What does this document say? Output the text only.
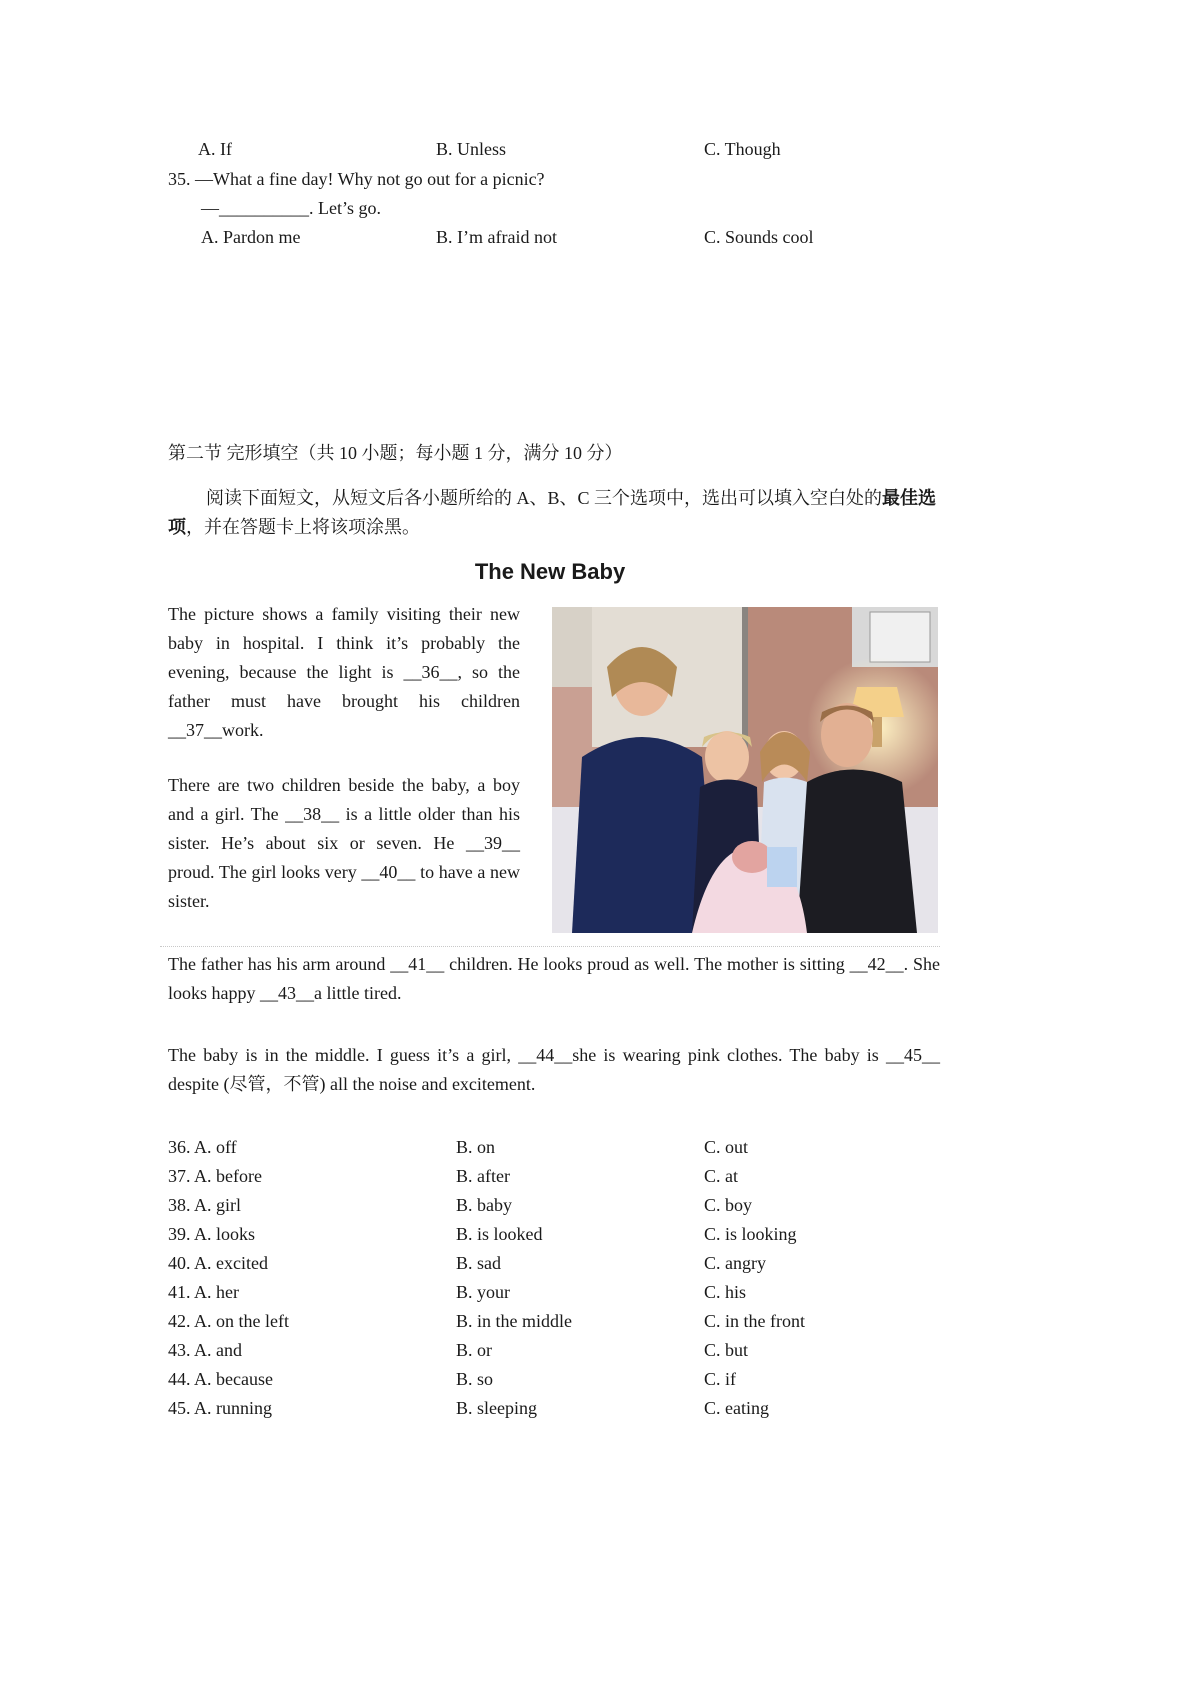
A. If	B. Unless	C. Though
35. —What a fine day! Why not go out for a picnic?
—__________. Let’s go.
A. Pardon me	B. I’m afraid not	C. Sounds cool
第二节 完形填空（共 10 小题；每小题 1 分，满分 10 分）
阅读下面短文，从短文后各小题所给的 A、B、C 三个选项中，选出可以填入空白处的最佳选项，并在答题卡上将该项涂黑。
The New Baby
The picture shows a family visiting their new baby in hospital. I think it’s probably the evening, because the light is __36__, so the father must have brought his children __37__work.
There are two children beside the baby, a boy and a girl. The __38__ is a little older than his sister. He’s about six or seven. He __39__ proud. The girl looks very __40__ to have a new sister.
The father has his arm around __41__ children. He looks proud as well. The mother is sitting __42__. She looks happy __43__a little tired.
The baby is in the middle. I guess it’s a girl, __44__she is wearing pink clothes. The baby is __45__ despite (尽管，不管) all the noise and excitement.
36. A. off	B. on	C. out
37. A. before	B. after	C. at
38. A. girl	B. baby	C. boy
39. A. looks	B. is looked	C. is looking
40. A. excited	B. sad	C. angry
41. A. her	B. your	C. his
42. A. on the left	B. in the middle	C. in the front
43. A. and	B. or	C. but
44. A. because	B. so	C. if
45. A. running	B. sleeping	C. eating
